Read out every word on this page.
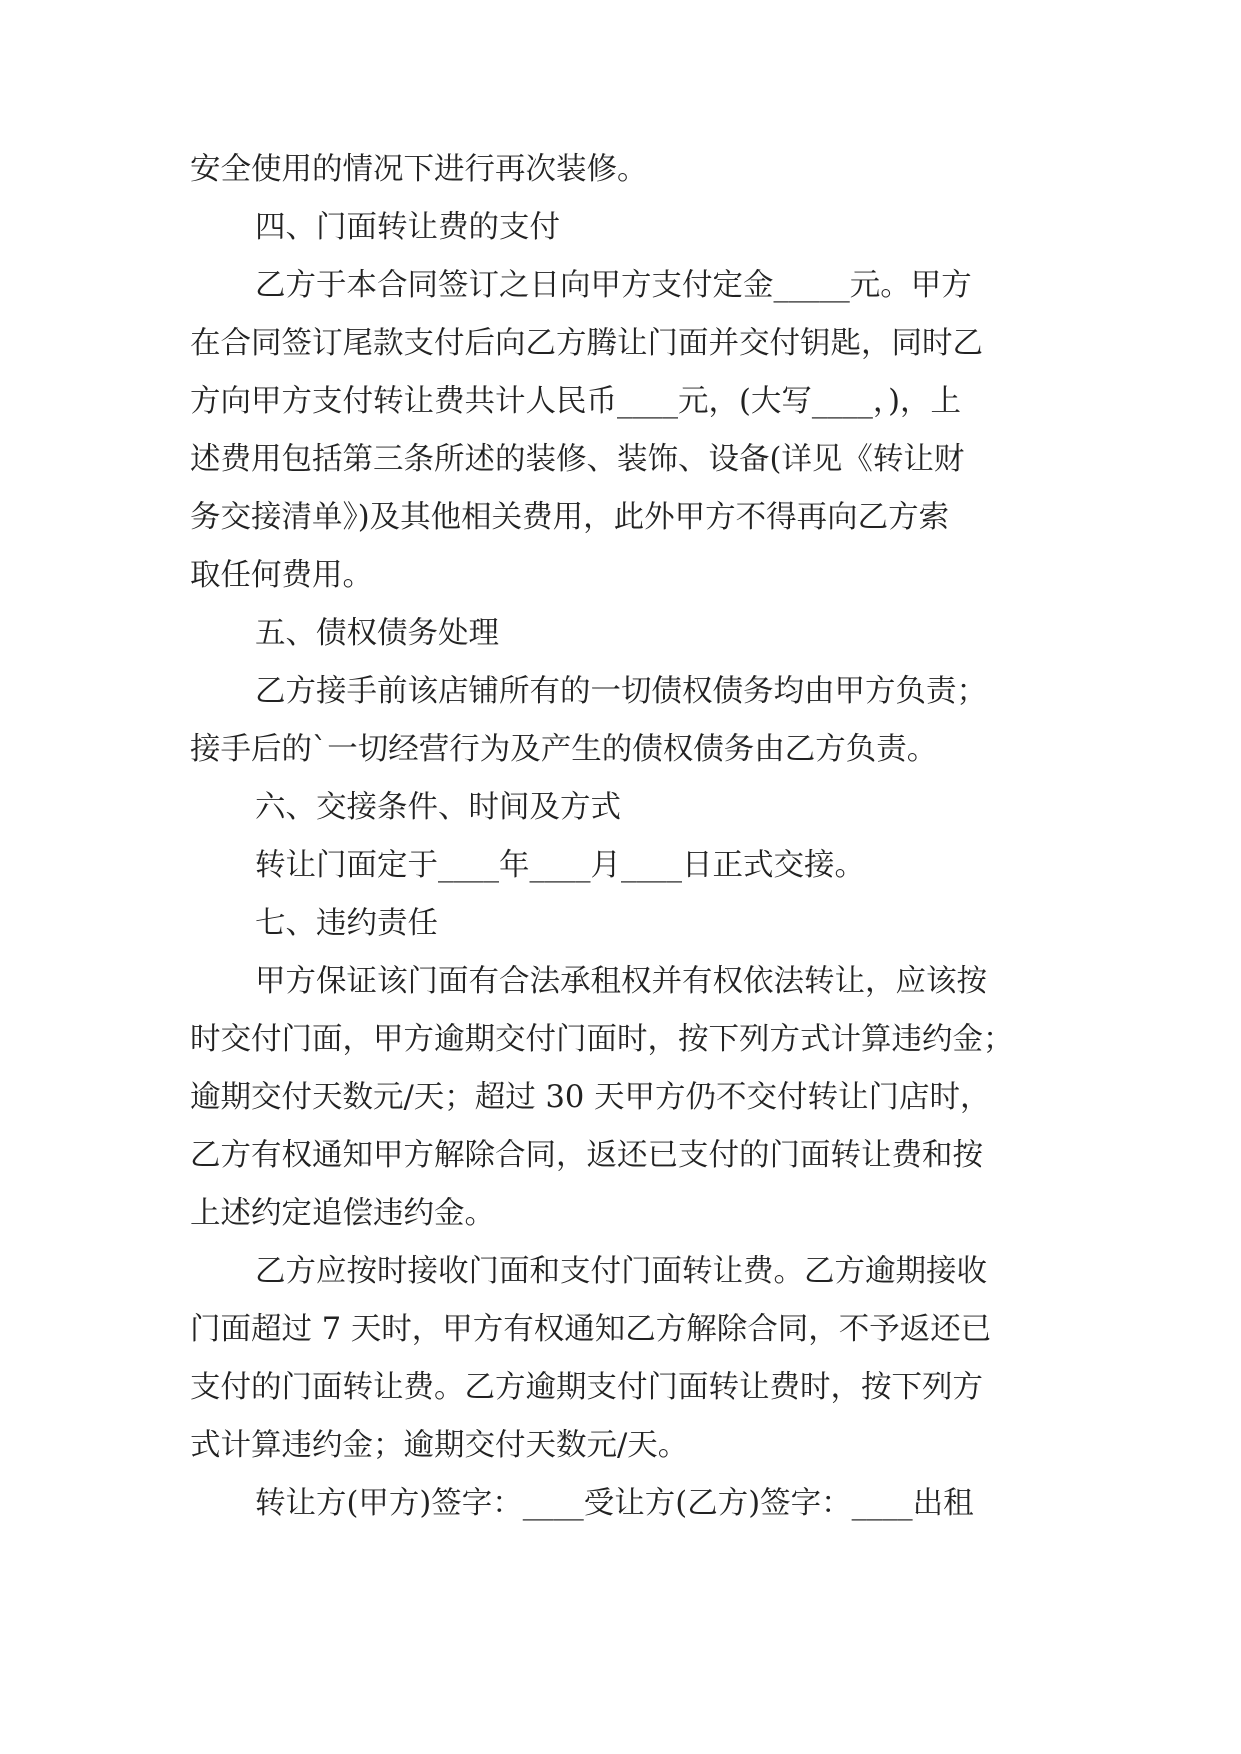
安全使用的情况下进行再次装修。
四、门面转让费的支付
乙方于本合同签订之日向甲方支付定金_____元。甲方
在合同签订尾款支付后向乙方腾让门面并交付钥匙，同时乙
方向甲方支付转让费共计人民币____元，(大写____，)，上
述费用包括第三条所述的装修、装饰、设备(详见《转让财
务交接清单》)及其他相关费用，此外甲方不得再向乙方索
取任何费用。
五、债权债务处理
乙方接手前该店铺所有的一切债权债务均由甲方负责；
接手后的`一切经营行为及产生的债权债务由乙方负责。
六、交接条件、时间及方式
转让门面定于____年____月____日正式交接。
七、违约责任
甲方保证该门面有合法承租权并有权依法转让，应该按
时交付门面，甲方逾期交付门面时，按下列方式计算违约金；
逾期交付天数元/天；超过 30 天甲方仍不交付转让门店时，
乙方有权通知甲方解除合同，返还已支付的门面转让费和按
上述约定追偿违约金。
乙方应按时接收门面和支付门面转让费。乙方逾期接收
门面超过 7 天时，甲方有权通知乙方解除合同，不予返还已
支付的门面转让费。乙方逾期支付门面转让费时，按下列方
式计算违约金；逾期交付天数元/天。
转让方(甲方)签字：____受让方(乙方)签字：____出租
